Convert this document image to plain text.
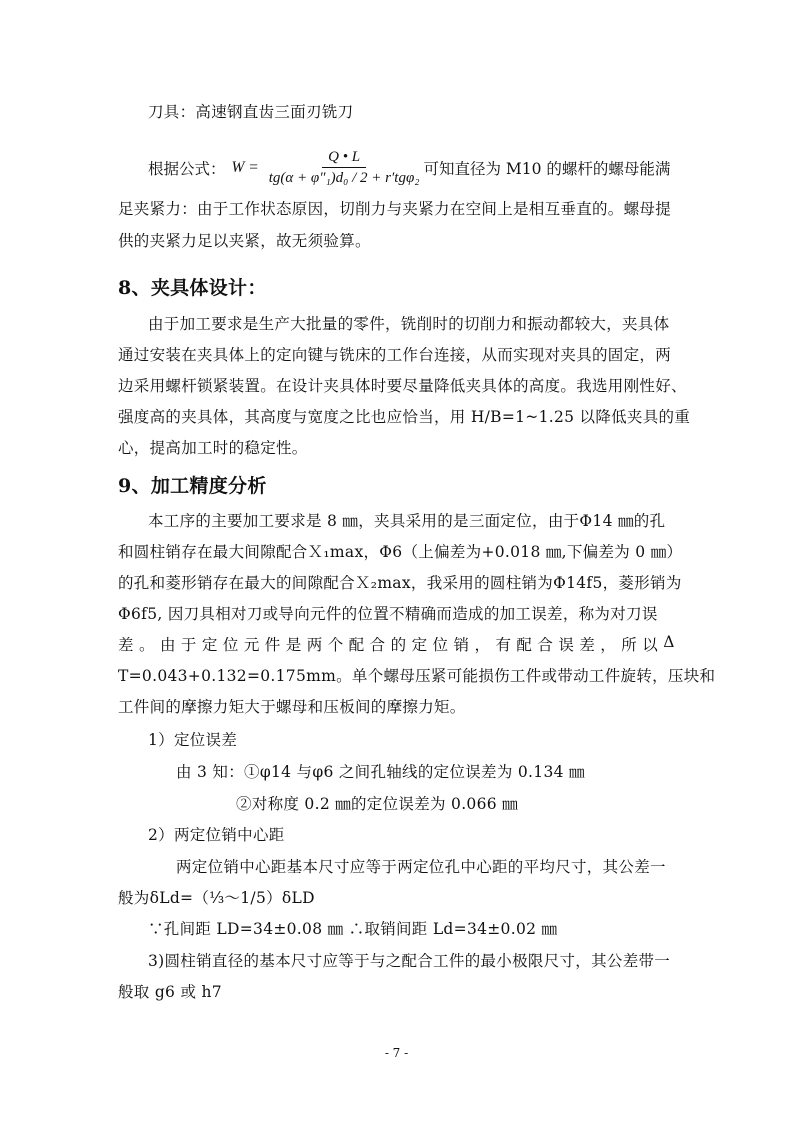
刀具：高速钢直齿三面刃铣刀
根据公式： $W = \frac{Q • L}{\text{tg(α + φ″₁)d₀ / 2 + r′tgφ₂}}$ 可知直径为 M10 的螺杆的螺母能满
足夹紧力：由于工作状态原因，切削力与夹紧力在空间上是相互垂直的。螺母提
供的夹紧力足以夹紧，故无须验算。
8、夹具体设计：
由于加工要求是生产大批量的零件，铣削时的切削力和振动都较大，夹具体
通过安装在夹具体上的定向键与铣床的工作台连接，从而实现对夹具的固定，两
边采用螺杆锁紧装置。在设计夹具体时要尽量降低夹具体的高度。我选用刚性好、
强度高的夹具体，其高度与宽度之比也应恰当，用 H/B=1~1.25 以降低夹具的重
心，提高加工时的稳定性。
9、加工精度分析
本工序的主要加工要求是 8 ㎜，夹具采用的是三面定位，由于Φ14 ㎜的孔
和圆柱销存在最大间隙配合Ｘ₁max，Φ6（上偏差为+0.018 ㎜,下偏差为 0 ㎜）
的孔和菱形销存在最大的间隙配合Ｘ₂max，我采用的圆柱销为Φ14f5，菱形销为
Φ6f5, 因刀具相对刀或导向元件的位置不精确而造成的加工误差，称为对刀误
差 。 由 于 定 位 元 件 是 两 个 配 合 的 定 位 销 ， 有 配 合 误 差 ， 所 以 Δ
T=0.043+0.132=0.175mm。单个螺母压紧可能损伤工件或带动工件旋转，压块和
工件间的摩擦力矩大于螺母和压板间的摩擦力矩。
1）定位误差
由 3 知：①φ14 与φ6 之间孔轴线的定位误差为 0.134 ㎜
②对称度 0.2 ㎜的定位误差为 0.066 ㎜
2）两定位销中心距
两定位销中心距基本尺寸应等于两定位孔中心距的平均尺寸，其公差一
般为δLd=（⅓～1/5）δLD
∵孔间距 LD=34±0.08 ㎜ ∴取销间距 Ld=34±0.02 ㎜
3)圆柱销直径的基本尺寸应等于与之配合工件的最小极限尺寸，其公差带一
般取 g6 或 h7
- 7 -
